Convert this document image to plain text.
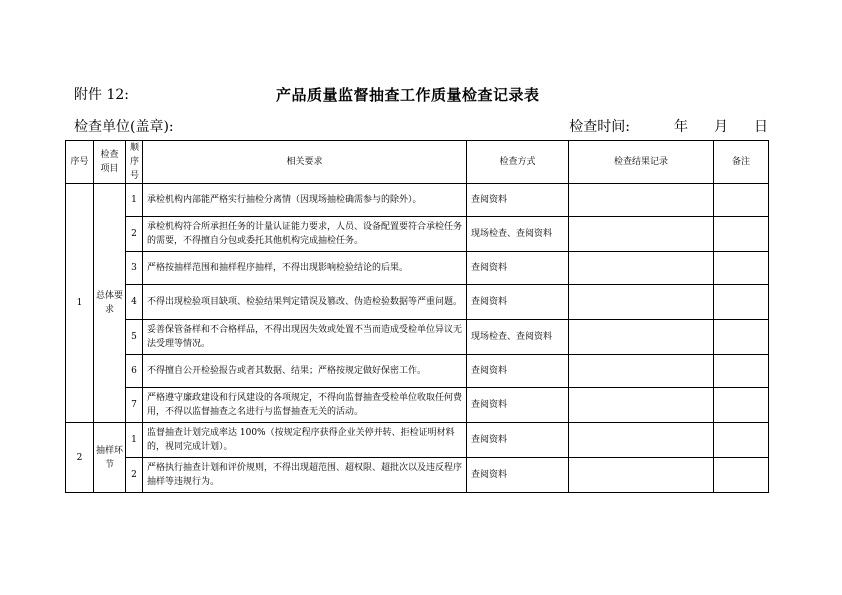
附件 12:	产品质量监督抽查工作质量检查记录表
检查单位(盖章):	检查时间:	年 月 日
序号	检查项目	顺序号	相关要求	检查方式	检查结果记录	备注
1	总体要求	1	承检机构内部能严格实行抽检分离情（因现场抽检确需参与的除外）。	查阅资料		
		2	承检机构符合所承担任务的计量认证能力要求，人员、设备配置要符合承检任务的需要，不得擅自分包或委托其他机构完成抽检任务。	现场检查、查阅资料		
		3	严格按抽样范围和抽样程序抽样，不得出现影响检验结论的后果。	查阅资料		
		4	不得出现检验项目缺项、检验结果判定错误及篡改、伪造检验数据等严重问题。	查阅资料		
		5	妥善保管备样和不合格样品，不得出现因失效或处置不当而造成受检单位异议无法受理等情况。	现场检查、查阅资料		
		6	不得擅自公开检验报告或者其数据、结果；严格按规定做好保密工作。	查阅资料		
		7	严格遵守廉政建设和行风建设的各项规定，不得向监督抽查受检单位收取任何费用，不得以监督抽查之名进行与监督抽查无关的活动。	查阅资料		
2	抽样环节	1	监督抽查计划完成率达 100%（按规定程序获得企业关停并转、拒检证明材料的，视同完成计划）。	查阅资料		
		2	严格执行抽查计划和评价规则，不得出现超范围、超权限、超批次以及违反程序抽样等违规行为。	查阅资料		
